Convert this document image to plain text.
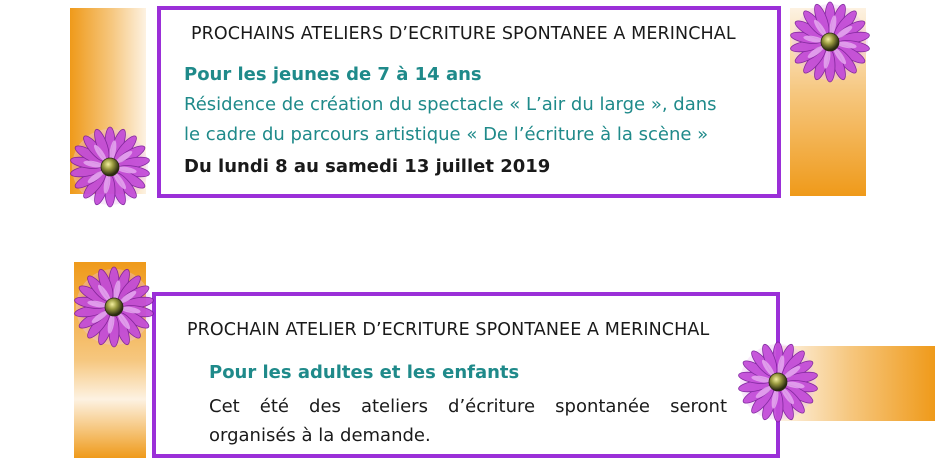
PROCHAINS ATELIERS D’ECRITURE SPONTANEE A MERINCHAL
Pour les jeunes de 7 à 14 ans
Résidence de création du spectacle « L’air du large », dans
le cadre du parcours artistique « De l’écriture à la scène »
Du lundi 8 au samedi 13 juillet 2019
PROCHAIN ATELIER D’ECRITURE SPONTANEE A MERINCHAL
Pour les adultes et les enfants
Cet été des ateliers d’écriture spontanée seront organisés à la demande.
